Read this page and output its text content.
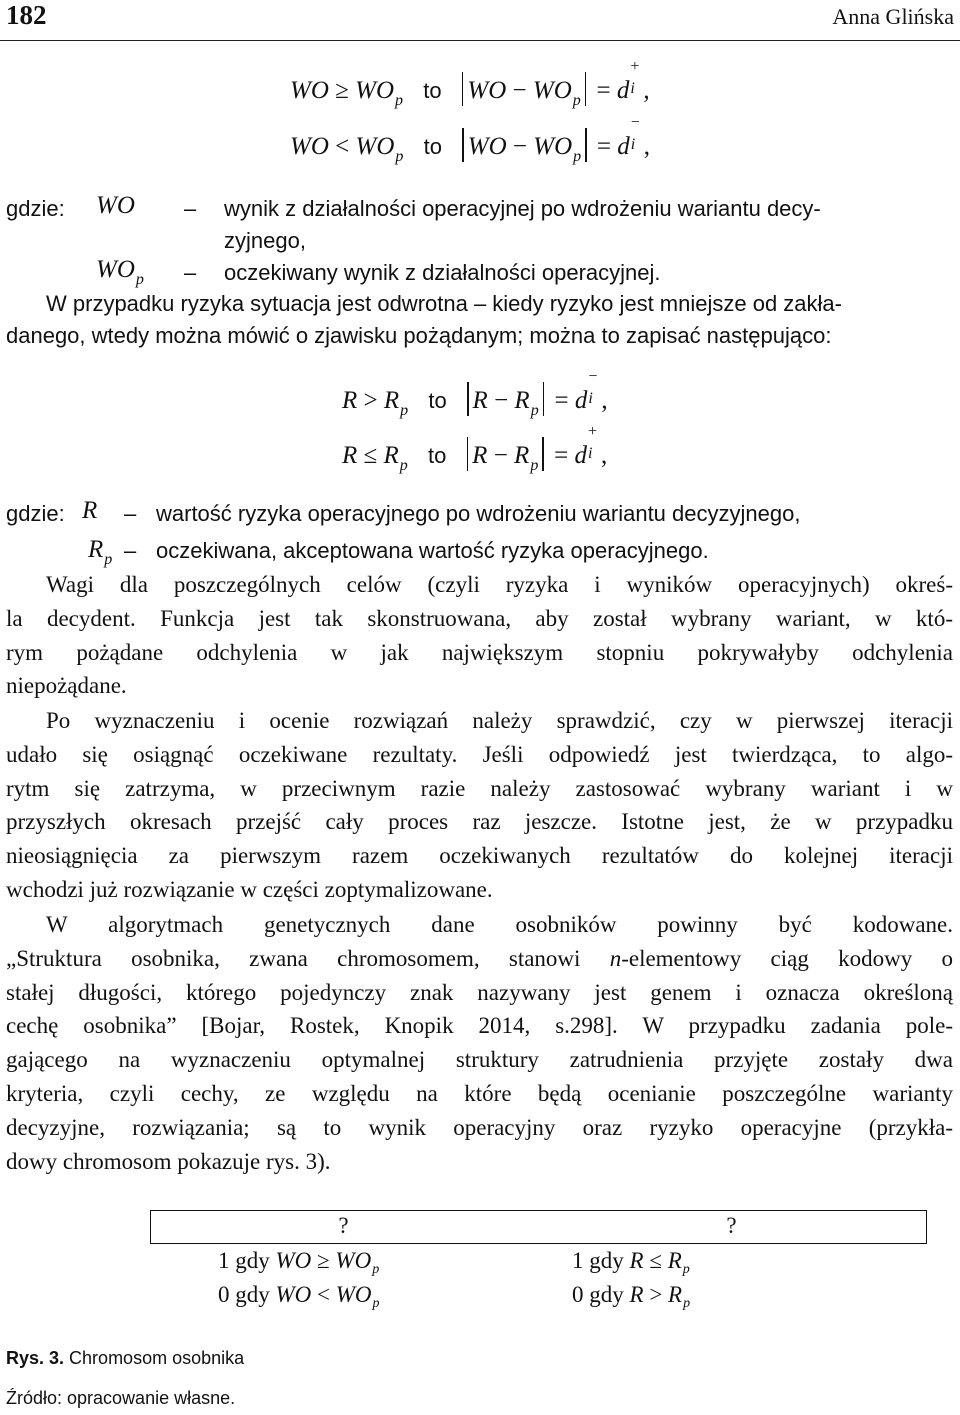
182	Anna Glińska
WO ≥ $WO_p$ to WO − $WO_p = d$
+
i ,
WO < $WO_p$ to WO − $WO_p = d$
−
i ,
gdzie: WO – wynik z działalności operacyjnej po wdrożeniu wariantu decy-
zyjnego,
$WO_p$ – oczekiwany wynik z działalności operacyjnej.
W przypadku ryzyka sytuacja jest odwrotna – kiedy ryzyko jest mniejsze od zakła-
danego, wtedy można mówić o zjawisku pożądanym; można to zapisać następująco:
$R > R_p$ to $R - R_p = d$
−
i ,
$R \le R_p$ to $R - R_p = d$
+
i ,
gdzie: R – wartość ryzyka operacyjnego po wdrożeniu wariantu decyzyjnego,
$R_p$ – oczekiwana, akceptowana wartość ryzyka operacyjnego.
Wagi dla poszczególnych celów (czyli ryzyka i wyników operacyjnych) okreś-
la decydent. Funkcja jest tak skonstruowana, aby został wybrany wariant, w któ-
rym pożądane odchylenia w jak największym stopniu pokrywałyby odchylenia
niepożądane.
Po wyznaczeniu i ocenie rozwiązań należy sprawdzić, czy w pierwszej iteracji
udało się osiągnąć oczekiwane rezultaty. Jeśli odpowiedź jest twierdząca, to algo-
rytm się zatrzyma, w przeciwnym razie należy zastosować wybrany wariant i w
przyszłych okresach przejść cały proces raz jeszcze. Istotne jest, że w przypadku
nieosiągnięcia za pierwszym razem oczekiwanych rezultatów do kolejnej iteracji
wchodzi już rozwiązanie w części zoptymalizowane.
W algorytmach genetycznych dane osobników powinny być kodowane.
„Struktura osobnika, zwana chromosomem, stanowi n-elementowy ciąg kodowy o
stałej długości, którego pojedynczy znak nazywany jest genem i oznacza określoną
cechę osobnika” [Bojar, Rostek, Knopik 2014, s.298]. W przypadku zadania pole-
gającego na wyznaczeniu optymalnej struktury zatrudnienia przyjęte zostały dwa
kryteria, czyli cechy, ze względu na które będą ocenianie poszczególne warianty
decyzyjne, rozwiązania; są to wynik operacyjny oraz ryzyko operacyjne (przykła-
dowy chromosom pokazuje rys. 3).
?	?
1 gdy WO ≥ $WO_p$
0 gdy WO < $WO_p$
1 gdy $R \le R_p$
0 gdy $R > R_p$
Rys. 3. Chromosom osobnika
Źródło: opracowanie własne.
